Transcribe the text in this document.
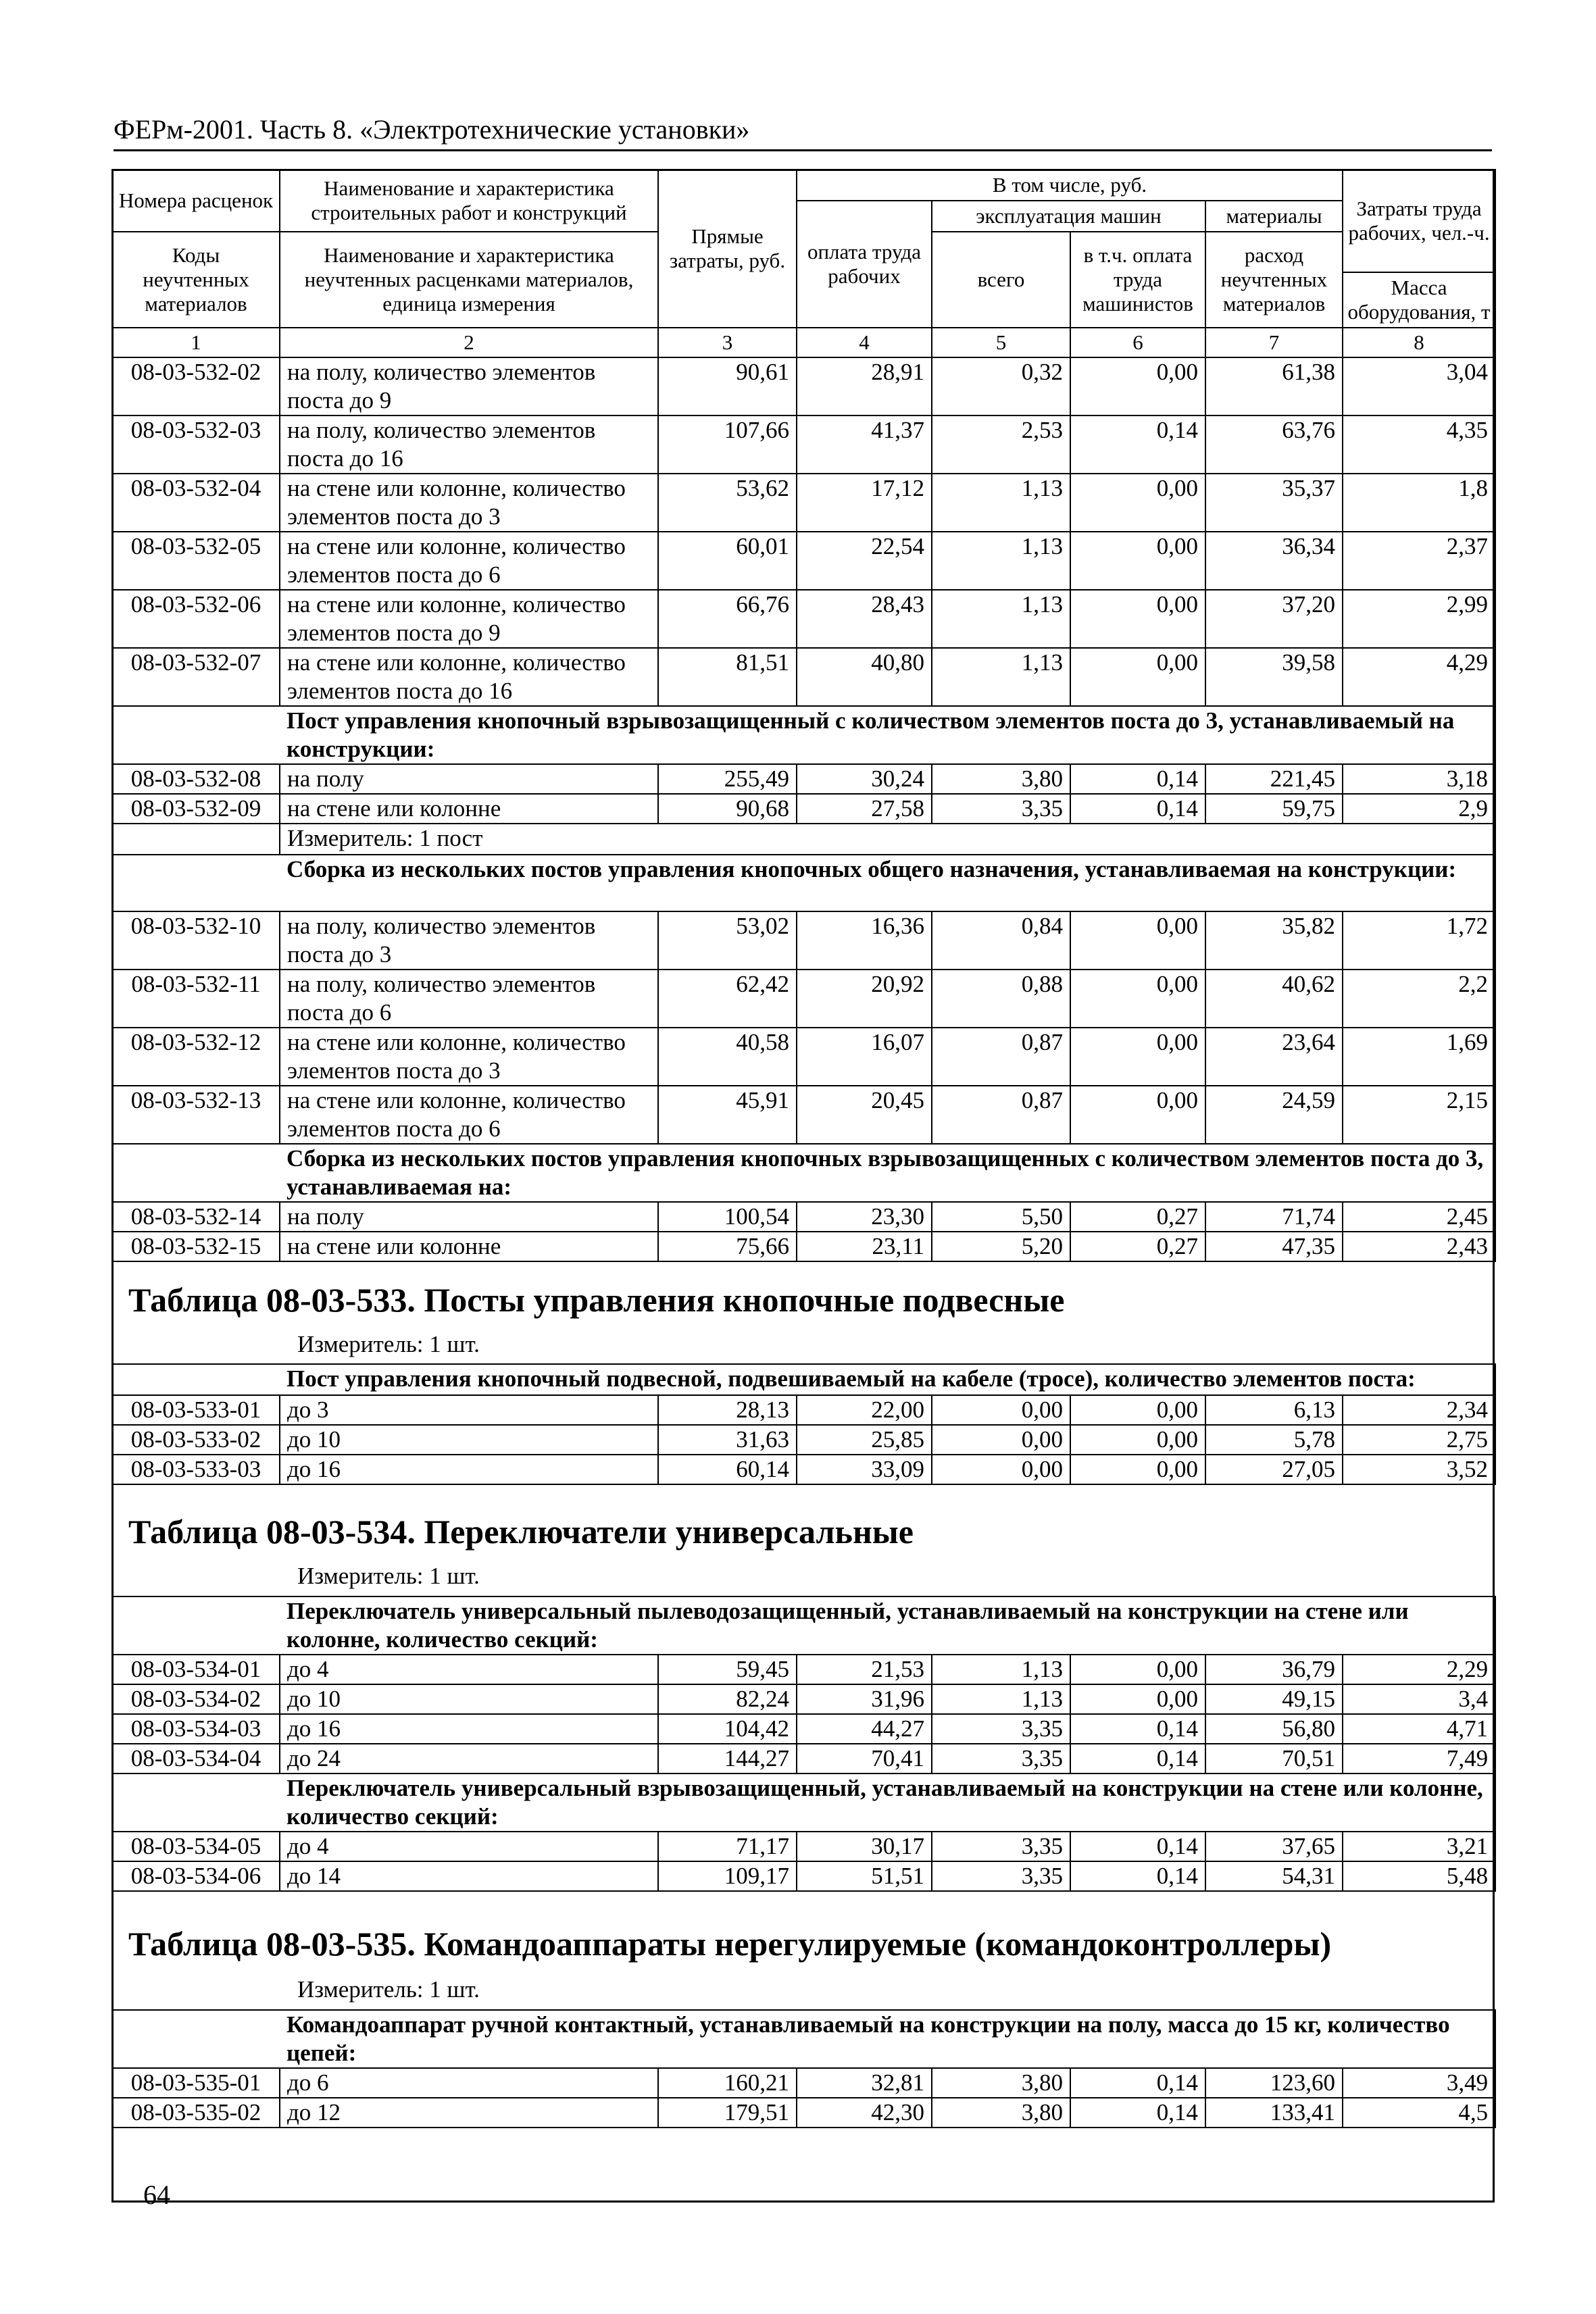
ФЕРм-2001. Часть 8. «Электротехнические установки»
Номера расценок	Наименование и характеристика строительных работ и конструкций	Прямые затраты, руб.	В том числе, руб.				Затраты труда рабочих, чел.-ч.
			оплата труда рабочих	эксплуатация машин		материалы	
Коды неучтенных материалов	Наименование и характеристика неучтенных расценками материалов, единица измерения			всего	в т.ч. оплата труда машинистов	расход неучтенных материалов	
							Масса оборудования, т
1	2	3	4	5	6	7	8
08-03-532-02	на полу, количество элементов поста до 9	90,61	28,91	0,32	0,00	61,38	3,04
08-03-532-03	на полу, количество элементов поста до 16	107,66	41,37	2,53	0,14	63,76	4,35
08-03-532-04	на стене или колонне, количество элементов поста до 3	53,62	17,12	1,13	0,00	35,37	1,8
08-03-532-05	на стене или колонне, количество элементов поста до 6	60,01	22,54	1,13	0,00	36,34	2,37
08-03-532-06	на стене или колонне, количество элементов поста до 9	66,76	28,43	1,13	0,00	37,20	2,99
08-03-532-07	на стене или колонне, количество элементов поста до 16	81,51	40,80	1,13	0,00	39,58	4,29
	Пост управления кнопочный взрывозащищенный с количеством элементов поста до 3, устанавливаемый на конструкции:						
08-03-532-08	на полу	255,49	30,24	3,80	0,14	221,45	3,18
08-03-532-09	на стене или колонне	90,68	27,58	3,35	0,14	59,75	2,9
	Измеритель: 1 пост						
	Сборка из нескольких постов управления кнопочных общего назначения, устанавливаемая на конструкции:						
08-03-532-10	на полу, количество элементов поста до 3	53,02	16,36	0,84	0,00	35,82	1,72
08-03-532-11	на полу, количество элементов поста до 6	62,42	20,92	0,88	0,00	40,62	2,2
08-03-532-12	на стене или колонне, количество элементов поста до 3	40,58	16,07	0,87	0,00	23,64	1,69
08-03-532-13	на стене или колонне, количество элементов поста до 6	45,91	20,45	0,87	0,00	24,59	2,15
	Сборка из нескольких постов управления кнопочных взрывозащищенных с количеством элементов поста до 3, устанавливаемая на:						
08-03-532-14	на полу	100,54	23,30	5,50	0,27	71,74	2,45
08-03-532-15	на стене или колонне	75,66	23,11	5,20	0,27	47,35	2,43
Таблица 08-03-533. Посты управления кнопочные подвесные
Измеритель: 1 шт.
	Пост управления кнопочный подвесной, подвешиваемый на кабеле (тросе), количество элементов поста:						
08-03-533-01	до 3	28,13	22,00	0,00	0,00	6,13	2,34
08-03-533-02	до 10	31,63	25,85	0,00	0,00	5,78	2,75
08-03-533-03	до 16	60,14	33,09	0,00	0,00	27,05	3,52
Таблица 08-03-534. Переключатели универсальные
Измеритель: 1 шт.
	Переключатель универсальный пылеводозащищенный, устанавливаемый на конструкции на стене или колонне, количество секций:						
08-03-534-01	до 4	59,45	21,53	1,13	0,00	36,79	2,29
08-03-534-02	до 10	82,24	31,96	1,13	0,00	49,15	3,4
08-03-534-03	до 16	104,42	44,27	3,35	0,14	56,80	4,71
08-03-534-04	до 24	144,27	70,41	3,35	0,14	70,51	7,49
	Переключатель универсальный взрывозащищенный, устанавливаемый на конструкции на стене или колонне, количество секций:						
08-03-534-05	до 4	71,17	30,17	3,35	0,14	37,65	3,21
08-03-534-06	до 14	109,17	51,51	3,35	0,14	54,31	5,48
Таблица 08-03-535. Командоаппараты нерегулируемые (командоконтроллеры)
Измеритель: 1 шт.
	Командоаппарат ручной контактный, устанавливаемый на конструкции на полу, масса до 15 кг, количество цепей:						
08-03-535-01	до 6	160,21	32,81	3,80	0,14	123,60	3,49
08-03-535-02	до 12	179,51	42,30	3,80	0,14	133,41	4,5
64
